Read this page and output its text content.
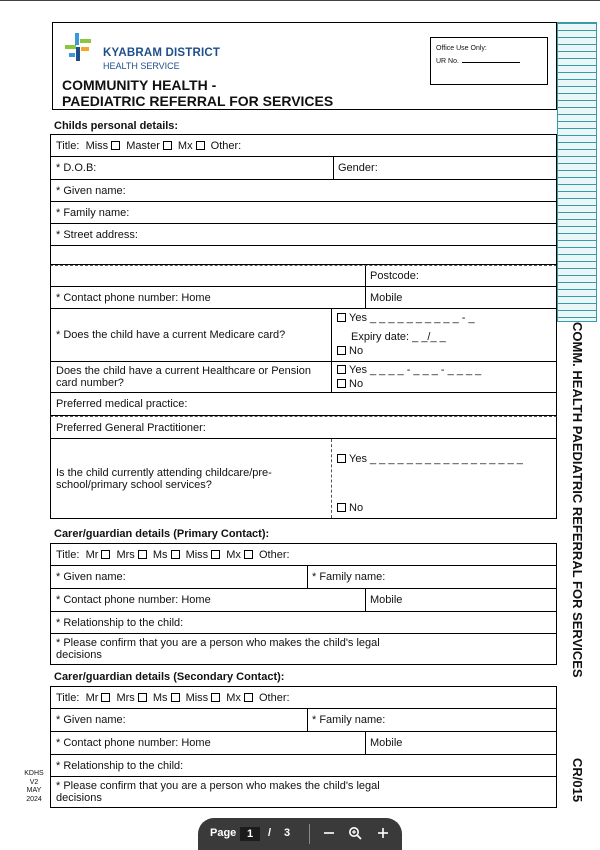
KYABRAM DISTRICT
HEALTH SERVICE
Office Use Only:
UR No.
COMMUNITY HEALTH -
PAEDIATRIC REFERRAL FOR SERVICES
COMM. HEALTH PAEDIATRIC REFERRAL FOR SERVICES
CR/015
KDHS
V2
MAY
2024
Childs personal details:
Title:
Miss
Master
Mx
Other:
* D.O.B:	Gender:
* Given name:
* Family name:
* Street address:
Postcode:
* Contact phone number: Home	Mobile
* Does the child have a current Medicare card?
Yes _ _ _ _ _ _ _ _ _ _ - _
Expiry date: _ _/_ _
No
Does the child have a current Healthcare or Pension card number?
Yes _ _ _ _ - _ _ _ - _ _ _ _
No
Preferred medical practice:
Preferred General Practitioner:
Is the child currently attending childcare/pre-school/primary school services?
Yes _ _ _ _ _ _ _ _ _ _ _ _ _ _ _ _ _
No
Carer/guardian details (Primary Contact):
Title:
Mr
Mrs
Ms
Miss
Mx
Other:
* Given name:	* Family name:
* Contact phone number: Home	Mobile
* Relationship to the child:
* Please confirm that you are a person who makes the child's legal decisions
Carer/guardian details (Secondary Contact):
Title:
Mr
Mrs
Ms
Miss
Mx
Other:
* Given name:	* Family name:
* Contact phone number: Home	Mobile
* Relationship to the child:
* Please confirm that you are a person who makes the child's legal decisions
Page 1	/ 3
